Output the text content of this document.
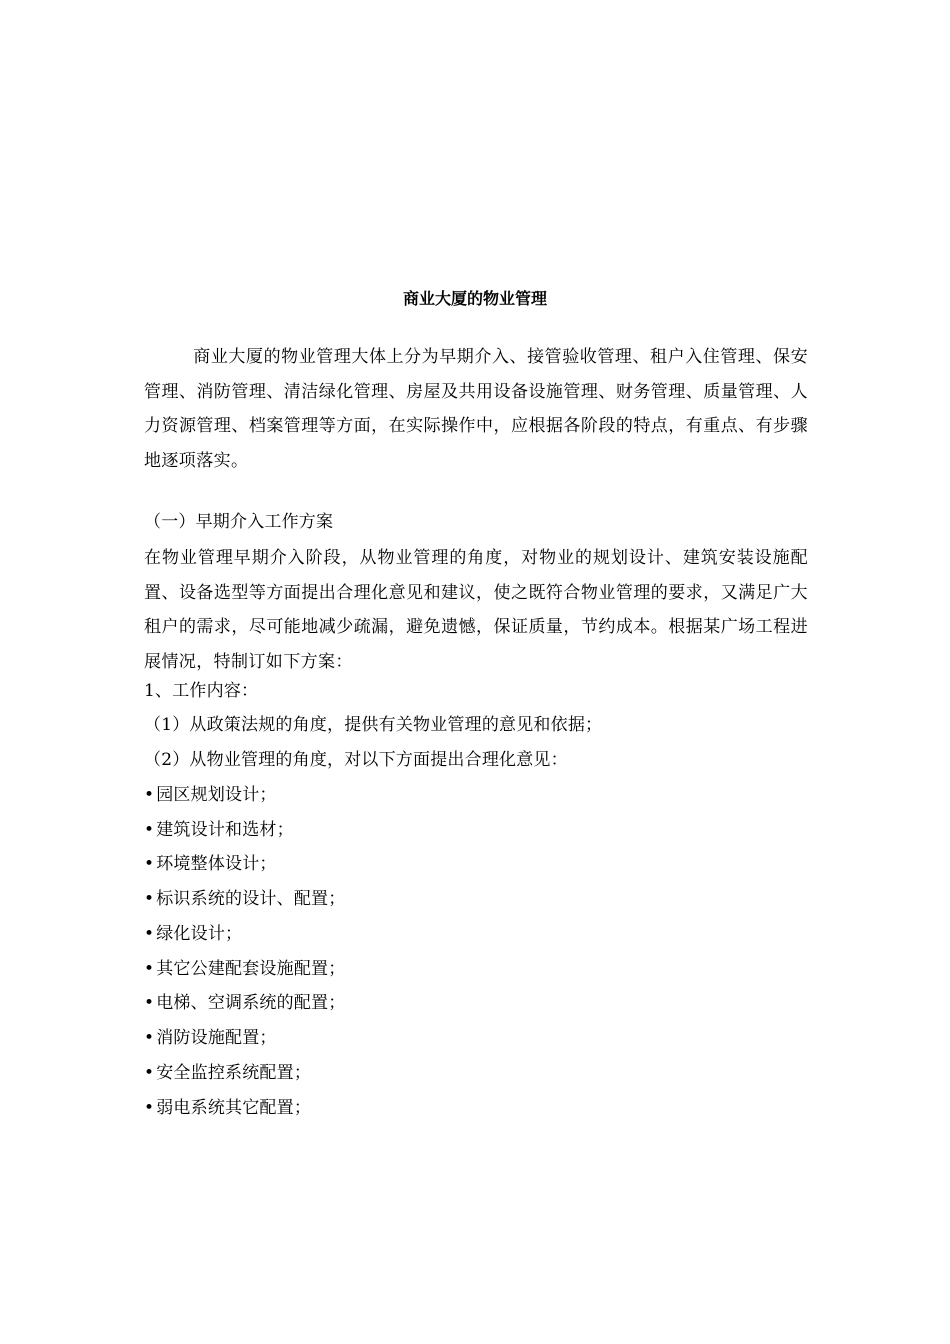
商业大厦的物业管理
商业大厦的物业管理大体上分为早期介入、接管验收管理、租户入住管理、保安管理、消防管理、清洁绿化管理、房屋及共用设备设施管理、财务管理、质量管理、人力资源管理、档案管理等方面，在实际操作中，应根据各阶段的特点，有重点、有步骤地逐项落实。
（一）早期介入工作方案
在物业管理早期介入阶段，从物业管理的角度，对物业的规划设计、建筑安装设施配置、设备选型等方面提出合理化意见和建议，使之既符合物业管理的要求，又满足广大租户的需求，尽可能地减少疏漏，避免遗憾，保证质量，节约成本。根据某广场工程进展情况，特制订如下方案：
1、工作内容：
（1）从政策法规的角度，提供有关物业管理的意见和依据；
（2）从物业管理的角度，对以下方面提出合理化意见：
• 园区规划设计；
• 建筑设计和选材；
• 环境整体设计；
• 标识系统的设计、配置；
• 绿化设计；
• 其它公建配套设施配置；
• 电梯、空调系统的配置；
• 消防设施配置；
• 安全监控系统配置；
• 弱电系统其它配置；
